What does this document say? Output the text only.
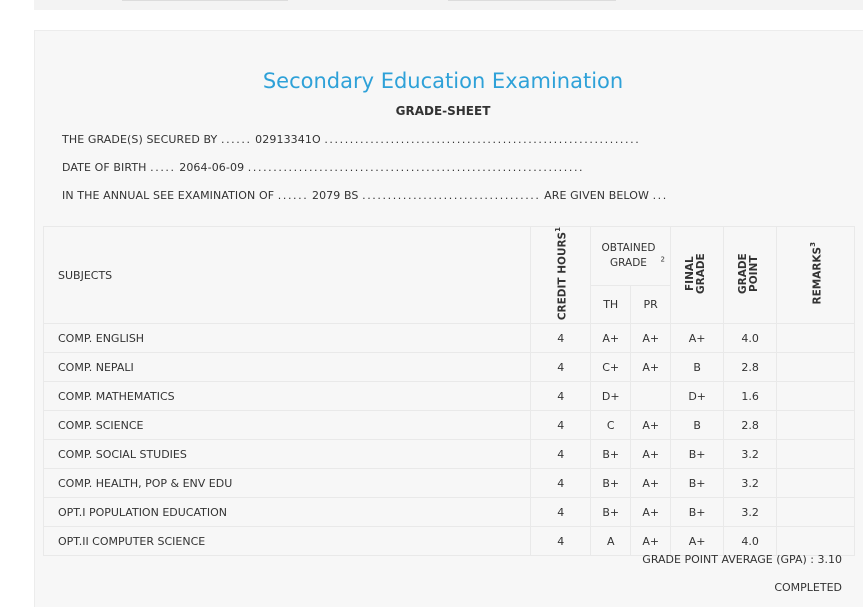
Secondary Education Examination
GRADE-SHEET
THE GRADE(S) SECURED BY ...... 02913341O ..............................................................
DATE OF BIRTH ..... 2064-06-09 ..................................................................
IN THE ANNUAL SEE EXAMINATION OF ...... 2079 BS ................................... ARE GIVEN BELOW ...
SUBJECTS	CREDIT HOURS$^1$	OBTAINED GRADE $^2$		FINAL GRADE	GRADE POINT	REMARKS$^3$
		TH	PR			
COMP. ENGLISH	4	A+	A+	A+	4.0	
COMP. NEPALI	4	C+	A+	B	2.8	
COMP. MATHEMATICS	4	D+		D+	1.6	
COMP. SCIENCE	4	C	A+	B	2.8	
COMP. SOCIAL STUDIES	4	B+	A+	B+	3.2	
COMP. HEALTH, POP & ENV EDU	4	B+	A+	B+	3.2	
OPT.I POPULATION EDUCATION	4	B+	A+	B+	3.2	
OPT.II COMPUTER SCIENCE	4	A	A+	A+	4.0	
GRADE POINT AVERAGE (GPA) : 3.10
COMPLETED
